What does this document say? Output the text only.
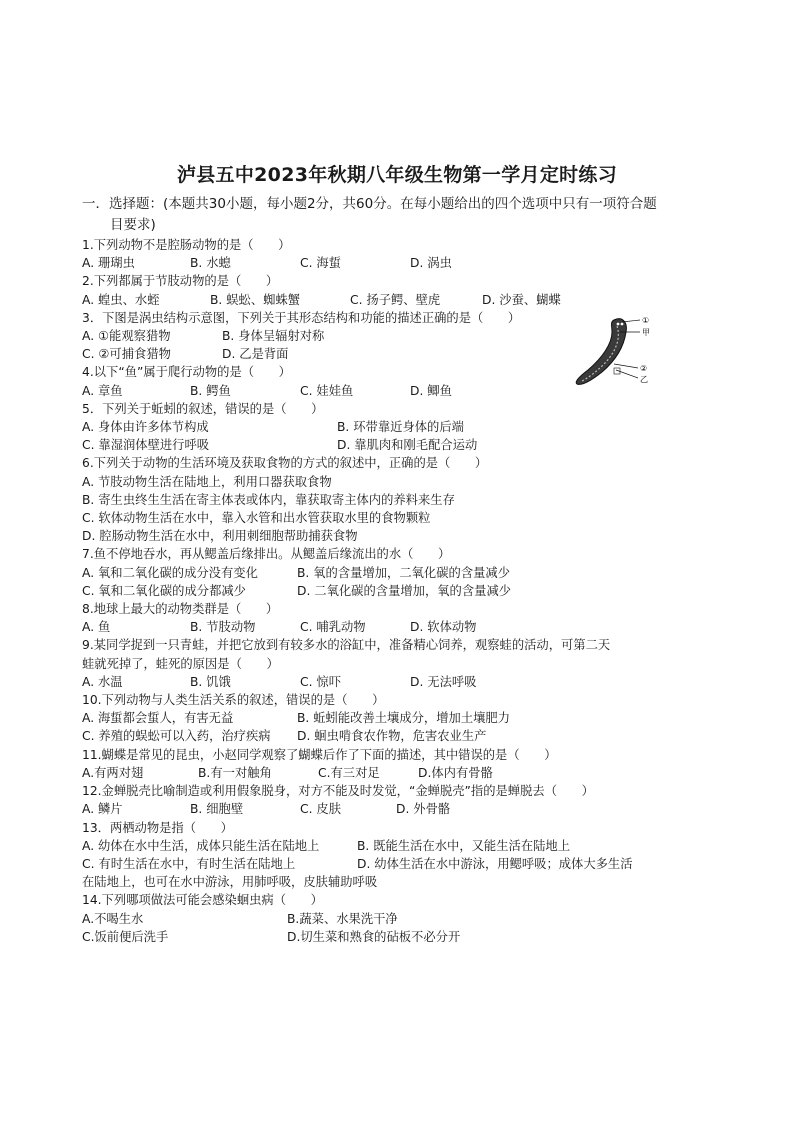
泸县五中2023年秋期八年级生物第一学月定时练习
一．选择题：(本题共30小题，每小题2分，共60分。在每小题给出的四个选项中只有一项符合题
目要求)
①
甲
②
乙
1.下列动物不是腔肠动物的是（　　）
A. 珊瑚虫	B. 水螅	C. 海蜇	D. 涡虫
2.下列都属于节肢动物的是（　　）
A. 蝗虫、水蛭	B. 蜈蚣、蜘蛛蟹	C. 扬子鳄、壁虎	D. 沙蚕、蝴蝶
3．下图是涡虫结构示意图，下列关于其形态结构和功能的描述正确的是（　　）
A. ①能观察猎物	B. 身体呈辐射对称
C. ②可捕食猎物	D. 乙是背面
4.以下“鱼”属于爬行动物的是（　　）
A. 章鱼	B. 鳄鱼	C. 娃娃鱼	D. 鲫鱼
5．下列关于蚯蚓的叙述，错误的是（　　）
A. 身体由许多体节构成	B. 环带靠近身体的后端
C. 靠湿润体壁进行呼吸	D. 靠肌肉和刚毛配合运动
6.下列关于动物的生活环境及获取食物的方式的叙述中，正确的是（　　）
A. 节肢动物生活在陆地上，利用口器获取食物
B. 寄生虫终生生活在寄主体表或体内，靠获取寄主体内的养料来生存
C. 软体动物生活在水中，靠入水管和出水管获取水里的食物颗粒
D. 腔肠动物生活在水中，利用刺细胞帮助捕获食物
7.鱼不停地吞水，再从鳃盖后缘排出。从鳃盖后缘流出的水（　　）
A. 氧和二氧化碳的成分没有变化	B. 氧的含量增加，二氧化碳的含量减少
C. 氧和二氧化碳的成分都减少	D. 二氧化碳的含量增加，氧的含量减少
8.地球上最大的动物类群是（　　）
A. 鱼	B. 节肢动物	C. 哺乳动物	D. 软体动物
9.某同学捉到一只青蛙，并把它放到有较多水的浴缸中，准备精心饲养，观察蛙的活动，可第二天
蛙就死掉了，蛙死的原因是（　　）
A. 水温	B. 饥饿	C. 惊吓	D. 无法呼吸
10.下列动物与人类生活关系的叙述，错误的是（　　）
A. 海蜇都会蜇人，有害无益	B. 蚯蚓能改善土壤成分，增加土壤肥力
C. 养殖的蜈蚣可以入药，治疗疾病 D. 蛔虫啃食农作物，危害农业生产
11.蝴蝶是常见的昆虫，小赵同学观察了蝴蝶后作了下面的描述，其中错误的是（　　）
A.有两对翅	B.有一对触角	C.有三对足	D.体内有骨骼
12.金蝉脱壳比喻制造或利用假象脱身，对方不能及时发觉，“金蝉脱壳”指的是蝉脱去（　　）
A. 鳞片	B. 细胞壁	C. 皮肤	D. 外骨骼
13．两栖动物是指（　　）
A. 幼体在水中生活，成体只能生活在陆地上	B. 既能生活在水中，又能生活在陆地上
C. 有时生活在水中，有时生活在陆地上	D. 幼体生活在水中游泳，用鳃呼吸；成体大多生活
在陆地上，也可在水中游泳，用肺呼吸，皮肤辅助呼吸
14.下列哪项做法可能会感染蛔虫病（　　）
A.不喝生水	B.蔬菜、水果洗干净
C.饭前便后洗手	D.切生菜和熟食的砧板不必分开
